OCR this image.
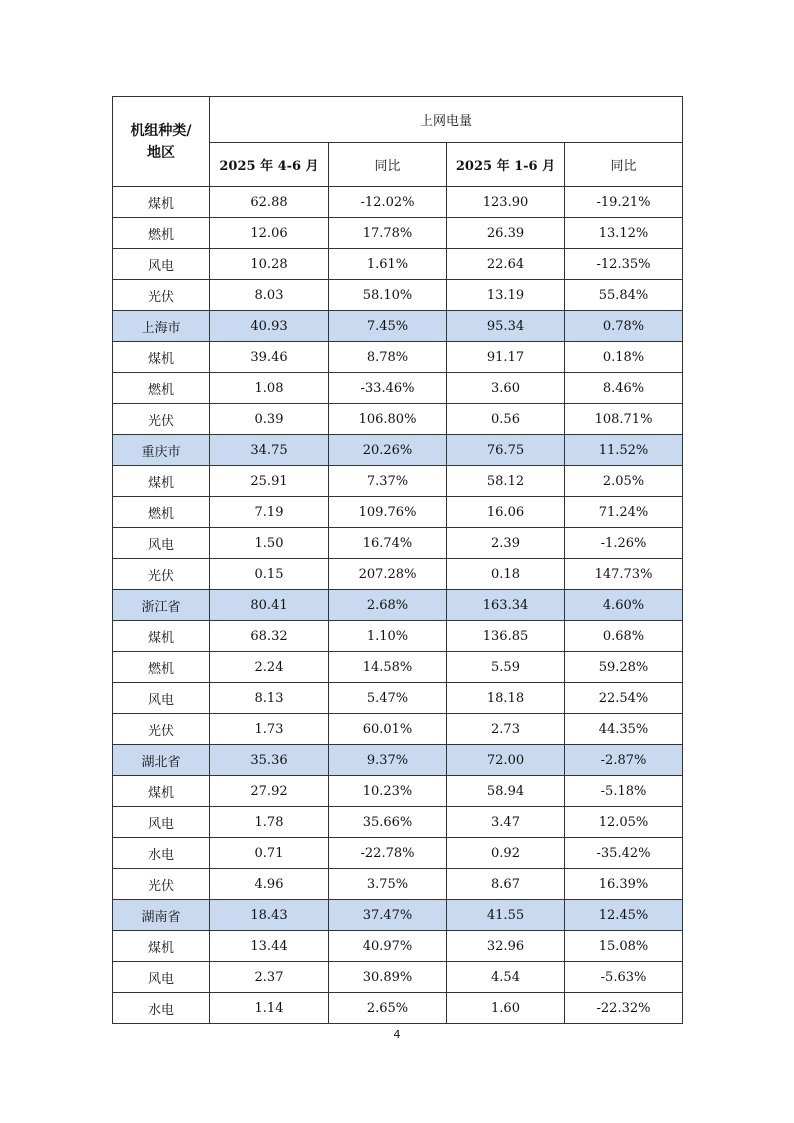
机组种类/
地区	上网电量			
	2025 年 4-6 月	同比	2025 年 1-6 月	同比
煤机	62.88	-12.02%	123.90	-19.21%
燃机	12.06	17.78%	26.39	13.12%
风电	10.28	1.61%	22.64	-12.35%
光伏	8.03	58.10%	13.19	55.84%
上海市	40.93	7.45%	95.34	0.78%
煤机	39.46	8.78%	91.17	0.18%
燃机	1.08	-33.46%	3.60	8.46%
光伏	0.39	106.80%	0.56	108.71%
重庆市	34.75	20.26%	76.75	11.52%
煤机	25.91	7.37%	58.12	2.05%
燃机	7.19	109.76%	16.06	71.24%
风电	1.50	16.74%	2.39	-1.26%
光伏	0.15	207.28%	0.18	147.73%
浙江省	80.41	2.68%	163.34	4.60%
煤机	68.32	1.10%	136.85	0.68%
燃机	2.24	14.58%	5.59	59.28%
风电	8.13	5.47%	18.18	22.54%
光伏	1.73	60.01%	2.73	44.35%
湖北省	35.36	9.37%	72.00	-2.87%
煤机	27.92	10.23%	58.94	-5.18%
风电	1.78	35.66%	3.47	12.05%
水电	0.71	-22.78%	0.92	-35.42%
光伏	4.96	3.75%	8.67	16.39%
湖南省	18.43	37.47%	41.55	12.45%
煤机	13.44	40.97%	32.96	15.08%
风电	2.37	30.89%	4.54	-5.63%
水电	1.14	2.65%	1.60	-22.32%
4
